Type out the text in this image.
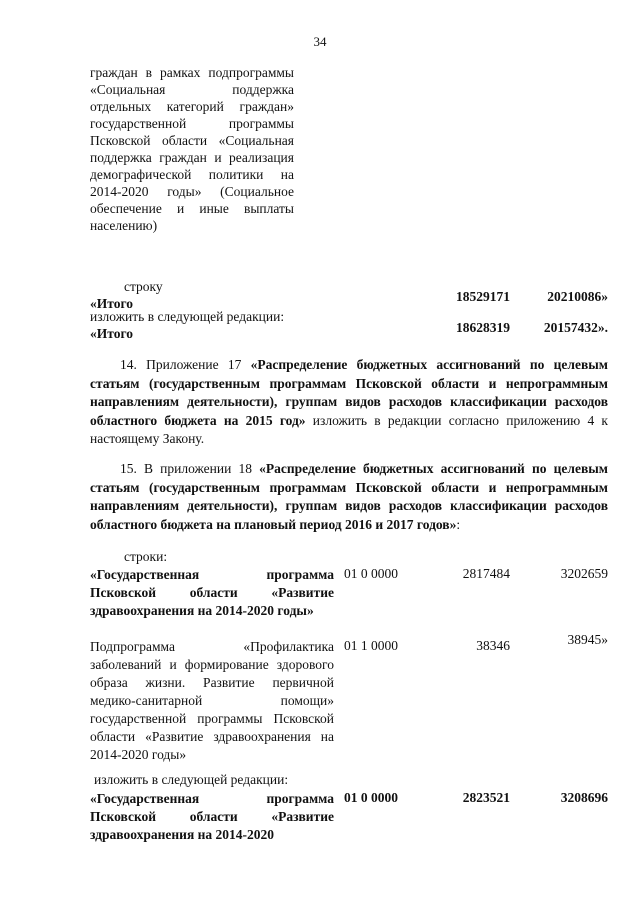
34
граждан в рамках подпрограммы «Социальная поддержка отдельных категорий граждан» государственной программы Псковской области «Социальная поддержка граждан и реализация демографической политики на 2014-2020 годы» (Социальное обеспечение и иные выплаты населению)
строку
«Итого	18529171	20210086»
изложить в следующей редакции:
«Итого	18628319	20157432».
14. Приложение 17 «Распределение бюджетных ассигнований по целевым статьям (государственным программам Псковской области и непрограммным направлениям деятельности), группам видов расходов классификации расходов областного бюджета на 2015 год» изложить в редакции согласно приложению 4 к настоящему Закону.
15. В приложении 18 «Распределение бюджетных ассигнований по целевым статьям (государственным программам Псковской области и непрограммным направлениям деятельности), группам видов расходов классификации расходов областного бюджета на плановый период 2016 и 2017 годов»:
строки:
«Государственная программа Псковской области «Развитие здравоохранения на 2014-2020 годы»
01 0 0000	2817484	3202659
Подпрограмма «Профилактика заболеваний и формирование здорового образа жизни. Развитие первичной медико-санитарной помощи» государственной программы Псковской области «Развитие здравоохранения на 2014-2020 годы»
01 1 0000	38346	38945»
изложить в следующей редакции:
«Государственная программа Псковской области «Развитие здравоохранения на 2014-2020
01 0 0000	2823521	3208696
